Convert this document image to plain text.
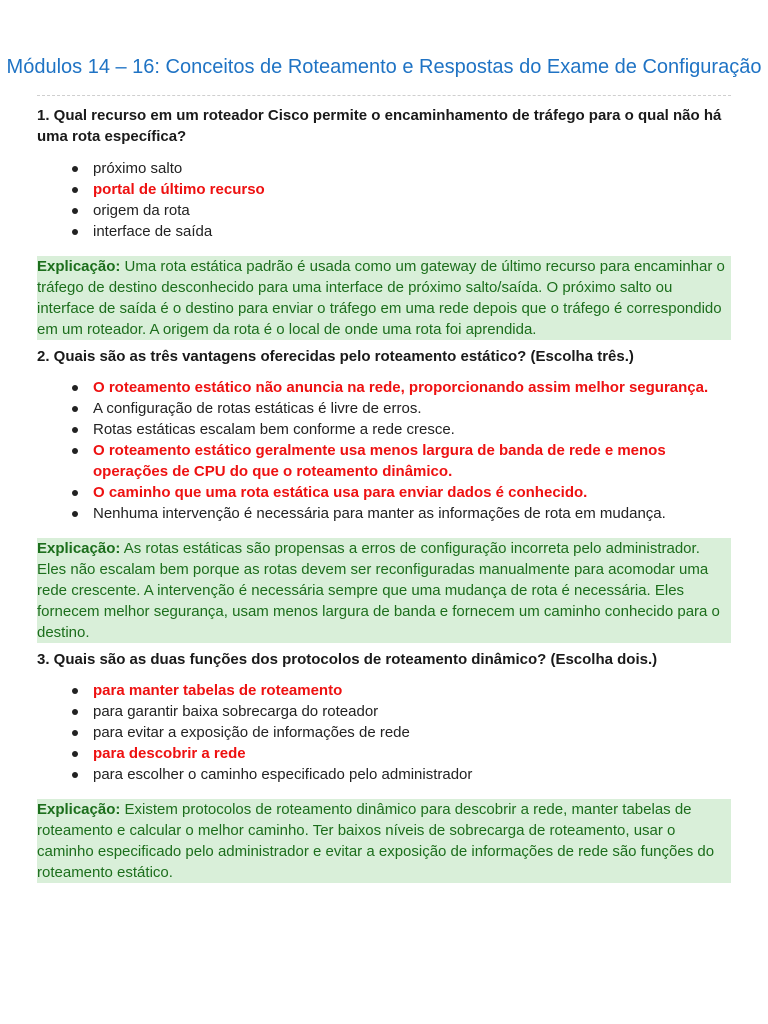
Módulos 14 – 16: Conceitos de Roteamento e Respostas do Exame de Configuração
1. Qual recurso em um roteador Cisco permite o encaminhamento de tráfego para o qual não há uma rota específica?
próximo salto
portal de último recurso
origem da rota
interface de saída
Explicação: Uma rota estática padrão é usada como um gateway de último recurso para encaminhar o tráfego de destino desconhecido para uma interface de próximo salto/saída. O próximo salto ou interface de saída é o destino para enviar o tráfego em uma rede depois que o tráfego é correspondido em um roteador. A origem da rota é o local de onde uma rota foi aprendida.
2. Quais são as três vantagens oferecidas pelo roteamento estático? (Escolha três.)
O roteamento estático não anuncia na rede, proporcionando assim melhor segurança.
A configuração de rotas estáticas é livre de erros.
Rotas estáticas escalam bem conforme a rede cresce.
O roteamento estático geralmente usa menos largura de banda de rede e menos operações de CPU do que o roteamento dinâmico.
O caminho que uma rota estática usa para enviar dados é conhecido.
Nenhuma intervenção é necessária para manter as informações de rota em mudança.
Explicação: As rotas estáticas são propensas a erros de configuração incorreta pelo administrador. Eles não escalam bem porque as rotas devem ser reconfiguradas manualmente para acomodar uma rede crescente. A intervenção é necessária sempre que uma mudança de rota é necessária. Eles fornecem melhor segurança, usam menos largura de banda e fornecem um caminho conhecido para o destino.
3. Quais são as duas funções dos protocolos de roteamento dinâmico? (Escolha dois.)
para manter tabelas de roteamento
para garantir baixa sobrecarga do roteador
para evitar a exposição de informações de rede
para descobrir a rede
para escolher o caminho especificado pelo administrador
Explicação: Existem protocolos de roteamento dinâmico para descobrir a rede, manter tabelas de roteamento e calcular o melhor caminho. Ter baixos níveis de sobrecarga de roteamento, usar o caminho especificado pelo administrador e evitar a exposição de informações de rede são funções do roteamento estático.
